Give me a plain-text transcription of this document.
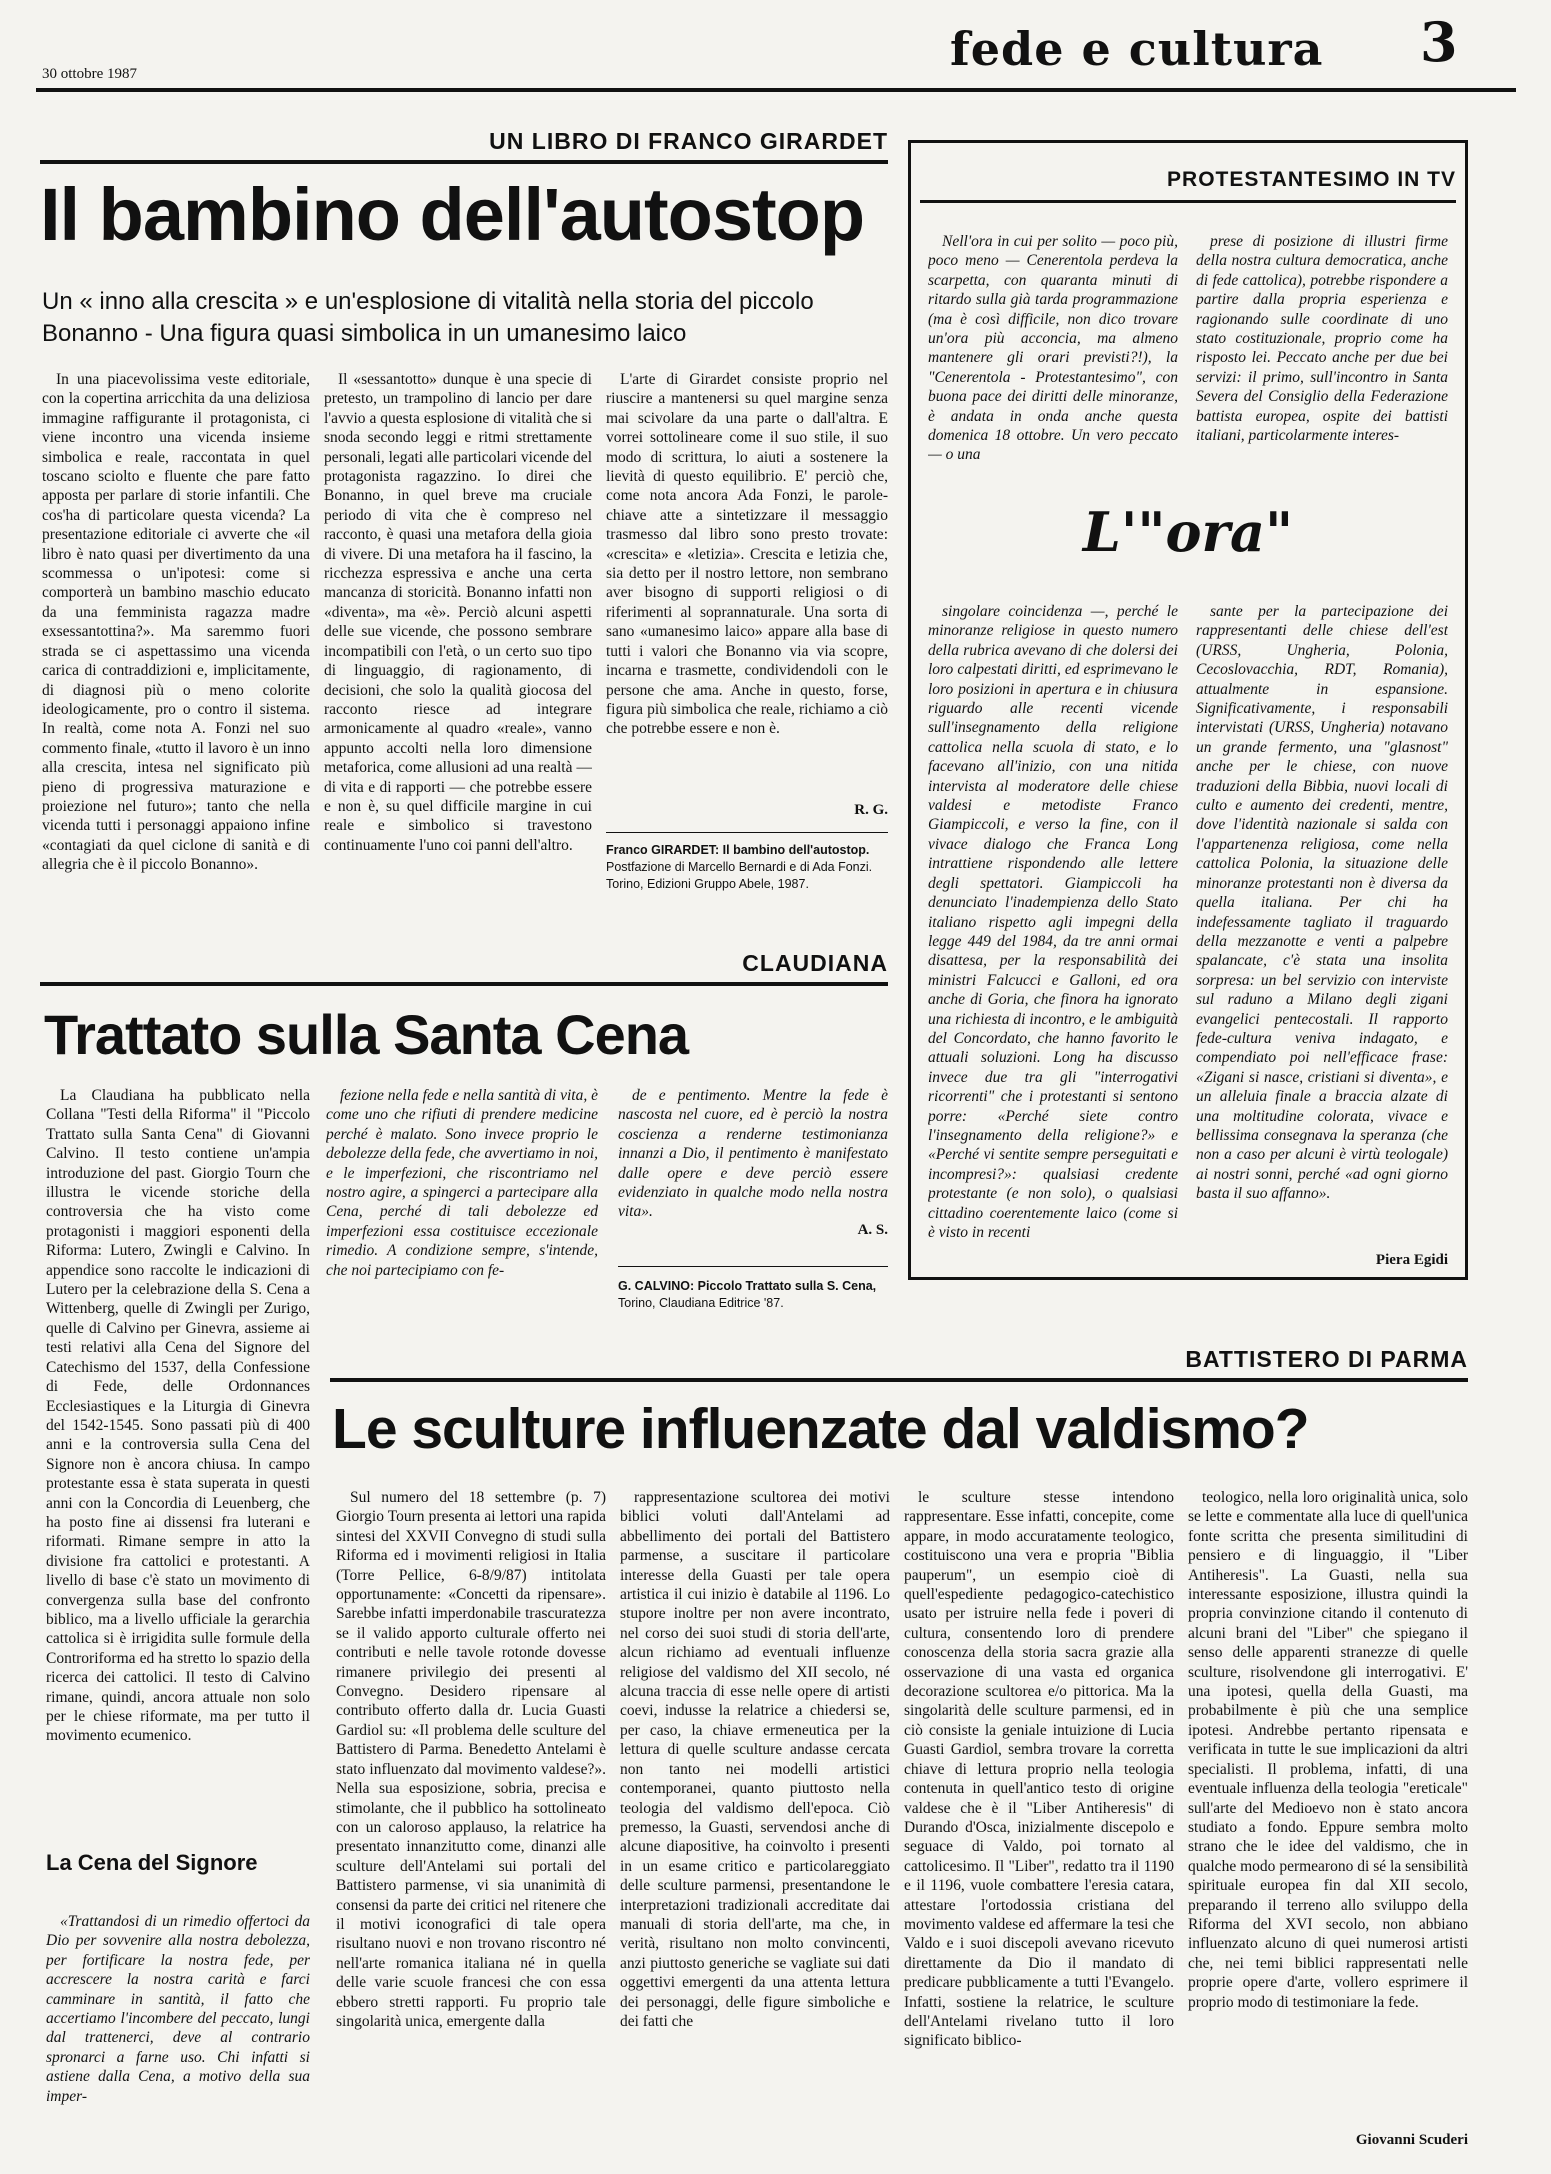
30 ottobre 1987	fede e cultura 3
UN LIBRO DI FRANCO GIRARDET
Il bambino dell'autostop
Un « inno alla crescita » e un'esplosione di vitalità nella storia del piccolo Bonanno - Una figura quasi simbolica in un umanesimo laico
In una piacevolissima veste editoriale, con la copertina arricchita da una deliziosa immagine raffigurante il protagonista, ci viene incontro una vicenda insieme simbolica e reale, raccontata in quel toscano sciolto e fluente che pare fatto apposta per parlare di storie infantili. Che cos'ha di particolare questa vicenda? La presentazione editoriale ci avverte che «il libro è nato quasi per divertimento da una scommessa o un'ipotesi: come si comporterà un bambino maschio educato da una femminista ragazza madre exsessantottina?». Ma saremmo fuori strada se ci aspettassimo una vicenda carica di contraddizioni e, implicitamente, di diagnosi più o meno colorite ideologicamente, pro o contro il sistema. In realtà, come nota A. Fonzi nel suo commento finale, «tutto il lavoro è un inno alla crescita, intesa nel significato più pieno di progressiva maturazione e proiezione nel futuro»; tanto che nella vicenda tutti i personaggi appaiono infine «contagiati da quel ciclone di sanità e di allegria che è il piccolo Bonanno».
Il «sessantotto» dunque è una specie di pretesto, un trampolino di lancio per dare l'avvio a questa esplosione di vitalità che si snoda secondo leggi e ritmi strettamente personali, legati alle particolari vicende del protagonista ragazzino. Io direi che Bonanno, in quel breve ma cruciale periodo di vita che è compreso nel racconto, è quasi una metafora della gioia di vivere. Di una metafora ha il fascino, la ricchezza espressiva e anche una certa mancanza di storicità. Bonanno infatti non «diventa», ma «è». Perciò alcuni aspetti delle sue vicende, che possono sembrare incompatibili con l'età, o un certo suo tipo di linguaggio, di ragionamento, di decisioni, che solo la qualità giocosa del racconto riesce ad integrare armonicamente al quadro «reale», vanno appunto accolti nella loro dimensione metaforica, come allusioni ad una realtà — di vita e di rapporti — che potrebbe essere e non è, su quel difficile margine in cui reale e simbolico si travestono continuamente l'uno coi panni dell'altro.
L'arte di Girardet consiste proprio nel riuscire a mantenersi su quel margine senza mai scivolare da una parte o dall'altra. E vorrei sottolineare come il suo stile, il suo modo di scrittura, lo aiuti a sostenere la lievità di questo equilibrio. E' perciò che, come nota ancora Ada Fonzi, le parole-chiave atte a sintetizzare il messaggio trasmesso dal libro sono presto trovate: «crescita» e «letizia». Crescita e letizia che, sia detto per il nostro lettore, non sembrano aver bisogno di supporti religiosi o di riferimenti al soprannaturale. Una sorta di sano «umanesimo laico» appare alla base di tutti i valori che Bonanno via via scopre, incarna e trasmette, condividendoli con le persone che ama. Anche in questo, forse, figura più simbolica che reale, richiamo a ciò che potrebbe essere e non è.
R. G.
Franco GIRARDET: Il bambino dell'autostop. Postfazione di Marcello Bernardi e di Ada Fonzi. Torino, Edizioni Gruppo Abele, 1987.
CLAUDIANA
Trattato sulla Santa Cena
La Claudiana ha pubblicato nella Collana "Testi della Riforma" il "Piccolo Trattato sulla Santa Cena" di Giovanni Calvino. Il testo contiene un'ampia introduzione del past. Giorgio Tourn che illustra le vicende storiche della controversia che ha visto come protagonisti i maggiori esponenti della Riforma: Lutero, Zwingli e Calvino. In appendice sono raccolte le indicazioni di Lutero per la celebrazione della S. Cena a Wittenberg, quelle di Zwingli per Zurigo, quelle di Calvino per Ginevra, assieme ai testi relativi alla Cena del Signore del Catechismo del 1537, della Confessione di Fede, delle Ordonnances Ecclesiastiques e la Liturgia di Ginevra del 1542-1545. Sono passati più di 400 anni e la controversia sulla Cena del Signore non è ancora chiusa. In campo protestante essa è stata superata in questi anni con la Concordia di Leuenberg, che ha posto fine ai dissensi fra luterani e riformati. Rimane sempre in atto la divisione fra cattolici e protestanti. A livello di base c'è stato un movimento di convergenza sulla base del confronto biblico, ma a livello ufficiale la gerarchia cattolica si è irrigidita sulle formule della Controriforma ed ha stretto lo spazio della ricerca dei cattolici. Il testo di Calvino rimane, quindi, ancora attuale non solo per le chiese riformate, ma per tutto il movimento ecumenico.
La Cena del Signore
«Trattandosi di un rimedio offertoci da Dio per sovvenire alla nostra debolezza, per fortificare la nostra fede, per accrescere la nostra carità e farci camminare in santità, il fatto che accertiamo l'incombere del peccato, lungi dal trattenerci, deve al contrario spronarci a farne uso. Chi infatti si astiene dalla Cena, a motivo della sua imper-
fezione nella fede e nella santità di vita, è come uno che rifiuti di prendere medicine perché è malato. Sono invece proprio le debolezze della fede, che avvertiamo in noi, e le imperfezioni, che riscontriamo nel nostro agire, a spingerci a partecipare alla Cena, perché di tali debolezze ed imperfezioni essa costituisce eccezionale rimedio. A condizione sempre, s'intende, che noi partecipiamo con fe-
de e pentimento. Mentre la fede è nascosta nel cuore, ed è perciò la nostra coscienza a renderne testimonianza innanzi a Dio, il pentimento è manifestato dalle opere e deve perciò essere evidenziato in qualche modo nella nostra vita».
A. S.
G. CALVINO: Piccolo Trattato sulla S. Cena, Torino, Claudiana Editrice '87.
PROTESTANTESIMO IN TV
Nell'ora in cui per solito — poco più, poco meno — Cenerentola perdeva la scarpetta, con quaranta minuti di ritardo sulla già tarda programmazione (ma è così difficile, non dico trovare un'ora più acconcia, ma almeno mantenere gli orari previsti?!), la "Cenerentola - Protestantesimo", con buona pace dei diritti delle minoranze, è andata in onda anche questa domenica 18 ottobre. Un vero peccato — o una
prese di posizione di illustri firme della nostra cultura democratica, anche di fede cattolica), potrebbe rispondere a partire dalla propria esperienza e ragionando sulle coordinate di uno stato costituzionale, proprio come ha risposto lei. Peccato anche per due bei servizi: il primo, sull'incontro in Santa Severa del Consiglio della Federazione battista europea, ospite dei battisti italiani, particolarmente interes-
L'"ora"
singolare coincidenza —, perché le minoranze religiose in questo numero della rubrica avevano di che dolersi dei loro calpestati diritti, ed esprimevano le loro posizioni in apertura e in chiusura riguardo alle recenti vicende sull'insegnamento della religione cattolica nella scuola di stato, e lo facevano all'inizio, con una nitida intervista al moderatore delle chiese valdesi e metodiste Franco Giampiccoli, e verso la fine, con il vivace dialogo che Franca Long intrattiene rispondendo alle lettere degli spettatori. Giampiccoli ha denunciato l'inadempienza dello Stato italiano rispetto agli impegni della legge 449 del 1984, da tre anni ormai disattesa, per la responsabilità dei ministri Falcucci e Galloni, ed ora anche di Goria, che finora ha ignorato una richiesta di incontro, e le ambiguità del Concordato, che hanno favorito le attuali soluzioni. Long ha discusso invece due tra gli "interrogativi ricorrenti" che i protestanti si sentono porre: «Perché siete contro l'insegnamento della religione?» e «Perché vi sentite sempre perseguitati e incompresi?»: qualsiasi credente protestante (e non solo), o qualsiasi cittadino coerentemente laico (come si è visto in recenti
sante per la partecipazione dei rappresentanti delle chiese dell'est (URSS, Ungheria, Polonia, Cecoslovacchia, RDT, Romania), attualmente in espansione. Significativamente, i responsabili intervistati (URSS, Ungheria) notavano un grande fermento, una "glasnost" anche per le chiese, con nuove traduzioni della Bibbia, nuovi locali di culto e aumento dei credenti, mentre, dove l'identità nazionale si salda con l'appartenenza religiosa, come nella cattolica Polonia, la situazione delle minoranze protestanti non è diversa da quella italiana. Per chi ha indefessamente tagliato il traguardo della mezzanotte e venti a palpebre spalancate, c'è stata una insolita sorpresa: un bel servizio con interviste sul raduno a Milano degli zigani evangelici pentecostali. Il rapporto fede-cultura veniva indagato, e compendiato poi nell'efficace frase: «Zigani si nasce, cristiani si diventa», e un alleluia finale a braccia alzate di una moltitudine colorata, vivace e bellissima consegnava la speranza (che non a caso per alcuni è virtù teologale) ai nostri sonni, perché «ad ogni giorno basta il suo affanno».
Piera Egidi
BATTISTERO DI PARMA
Le sculture influenzate dal valdismo?
Sul numero del 18 settembre (p. 7) Giorgio Tourn presenta ai lettori una rapida sintesi del XXVII Convegno di studi sulla Riforma ed i movimenti religiosi in Italia (Torre Pellice, 6-8/9/87) intitolata opportunamente: «Concetti da ripensare». Sarebbe infatti imperdonabile trascuratezza se il valido apporto culturale offerto nei contributi e nelle tavole rotonde dovesse rimanere privilegio dei presenti al Convegno. Desidero ripensare al contributo offerto dalla dr. Lucia Guasti Gardiol su: «Il problema delle sculture del Battistero di Parma. Benedetto Antelami è stato influenzato dal movimento valdese?». Nella sua esposizione, sobria, precisa e stimolante, che il pubblico ha sottolineato con un caloroso applauso, la relatrice ha presentato innanzitutto come, dinanzi alle sculture dell'Antelami sui portali del Battistero parmense, vi sia unanimità di consensi da parte dei critici nel ritenere che il motivi iconografici di tale opera risultano nuovi e non trovano riscontro né nell'arte romanica italiana né in quella delle varie scuole francesi che con essa ebbero stretti rapporti. Fu proprio tale singolarità unica, emergente dalla
rappresentazione scultorea dei motivi biblici voluti dall'Antelami ad abbellimento dei portali del Battistero parmense, a suscitare il particolare interesse della Guasti per tale opera artistica il cui inizio è databile al 1196. Lo stupore inoltre per non avere incontrato, nel corso dei suoi studi di storia dell'arte, alcun richiamo ad eventuali influenze religiose del valdismo del XII secolo, né alcuna traccia di esse nelle opere di artisti coevi, indusse la relatrice a chiedersi se, per caso, la chiave ermeneutica per la lettura di quelle sculture andasse cercata non tanto nei modelli artistici contemporanei, quanto piuttosto nella teologia del valdismo dell'epoca. Ciò premesso, la Guasti, servendosi anche di alcune diapositive, ha coinvolto i presenti in un esame critico e particolareggiato delle sculture parmensi, presentandone le interpretazioni tradizionali accreditate dai manuali di storia dell'arte, ma che, in verità, risultano non molto convincenti, anzi piuttosto generiche se vagliate sui dati oggettivi emergenti da una attenta lettura dei personaggi, delle figure simboliche e dei fatti che
le sculture stesse intendono rappresentare. Esse infatti, concepite, come appare, in modo accuratamente teologico, costituiscono una vera e propria "Biblia pauperum", un esempio cioè di quell'espediente pedagogico-catechistico usato per istruire nella fede i poveri di cultura, consentendo loro di prendere conoscenza della storia sacra grazie alla osservazione di una vasta ed organica decorazione scultorea e/o pittorica. Ma la singolarità delle sculture parmensi, ed in ciò consiste la geniale intuizione di Lucia Guasti Gardiol, sembra trovare la corretta chiave di lettura proprio nella teologia contenuta in quell'antico testo di origine valdese che è il "Liber Antiheresis" di Durando d'Osca, inizialmente discepolo e seguace di Valdo, poi tornato al cattolicesimo. Il "Liber", redatto tra il 1190 e il 1196, vuole combattere l'eresia catara, attestare l'ortodossia cristiana del movimento valdese ed affermare la tesi che Valdo e i suoi discepoli avevano ricevuto direttamente da Dio il mandato di predicare pubblicamente a tutti l'Evangelo. Infatti, sostiene la relatrice, le sculture dell'Antelami rivelano tutto il loro significato biblico-
teologico, nella loro originalità unica, solo se lette e commentate alla luce di quell'unica fonte scritta che presenta similitudini di pensiero e di linguaggio, il "Liber Antiheresis". La Guasti, nella sua interessante esposizione, illustra quindi la propria convinzione citando il contenuto di alcuni brani del "Liber" che spiegano il senso delle apparenti stranezze di quelle sculture, risolvendone gli interrogativi. E' una ipotesi, quella della Guasti, ma probabilmente è più che una semplice ipotesi. Andrebbe pertanto ripensata e verificata in tutte le sue implicazioni da altri specialisti. Il problema, infatti, di una eventuale influenza della teologia "ereticale" sull'arte del Medioevo non è stato ancora studiato a fondo. Eppure sembra molto strano che le idee del valdismo, che in qualche modo permearono di sé la sensibilità spirituale europea fin dal XII secolo, preparando il terreno allo sviluppo della Riforma del XVI secolo, non abbiano influenzato alcuno di quei numerosi artisti che, nei temi biblici rappresentati nelle proprie opere d'arte, vollero esprimere il proprio modo di testimoniare la fede.
Giovanni Scuderi
